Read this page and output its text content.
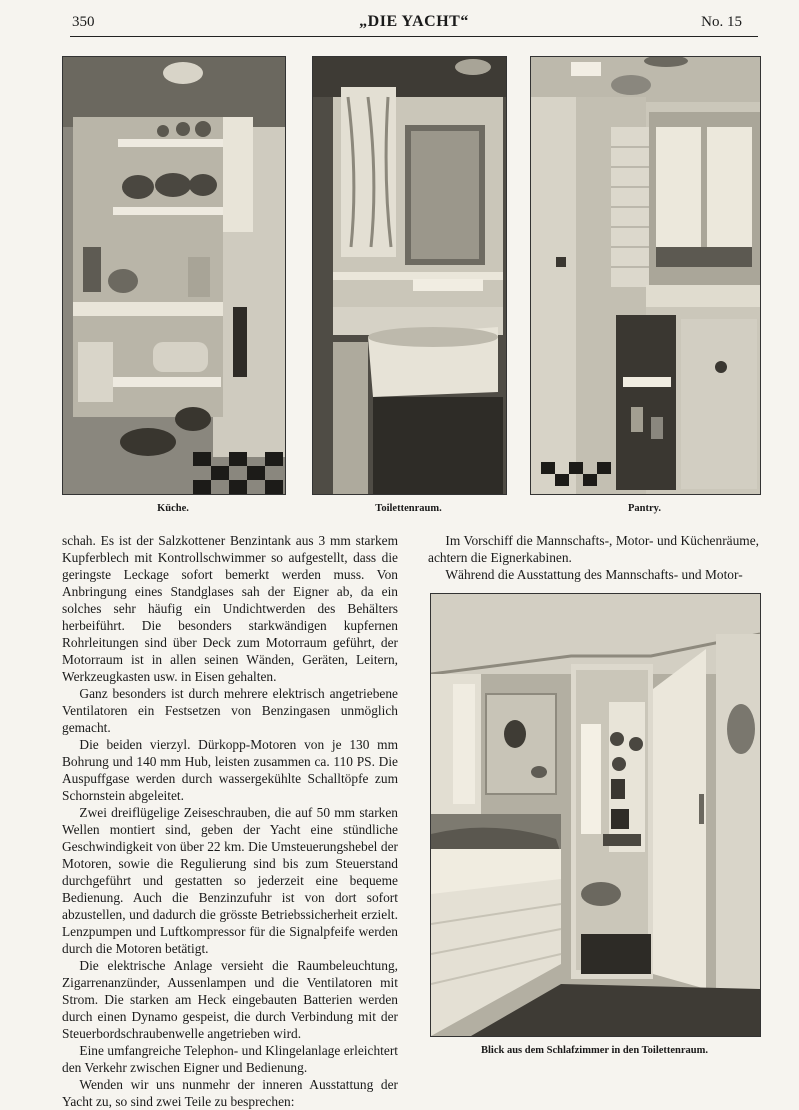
350	„DIE YACHT“	No. 15
Küche.	Toilettenraum.	Pantry.

schah. Es ist der Salzkottener Benzintank aus 3 mm starkem Kupferblech mit Kontrollschwimmer so aufgestellt, dass die geringste Leckage sofort bemerkt werden muss. Von Anbringung eines Standglases sah der Eigner ab, da ein solches sehr häufig ein Undichtwerden des Behälters herbeiführt. Die besonders starkwändigen kupfernen Rohrleitungen sind über Deck zum Motorraum geführt, der Motorraum ist in allen seinen Wänden, Geräten, Leitern, Werkzeugkasten usw. in Eisen gehalten.

Ganz besonders ist durch mehrere elektrisch angetriebene Ventilatoren ein Festsetzen von Benzingasen unmöglich gemacht.

Die beiden vierzyl. Dürkopp-Motoren von je 130 mm Bohrung und 140 mm Hub, leisten zusammen ca. 110 PS. Die Auspuffgase werden durch wassergekühlte Schalltöpfe zum Schornstein abgeleitet.

Zwei dreiflügelige Zeiseschrauben, die auf 50 mm starken Wellen montiert sind, geben der Yacht eine stündliche Geschwindigkeit von über 22 km. Die Umsteuerungshebel der Motoren, sowie die Regulierung sind bis zum Steuerstand durchgeführt und gestatten so jederzeit eine bequeme Bedienung. Auch die Benzinzufuhr ist von dort sofort abzustellen, und dadurch die grösste Betriebssicherheit erzielt. Lenzpumpen und Luftkompressor für die Signalpfeife werden durch die Motoren betätigt.

Die elektrische Anlage versieht die Raumbeleuchtung, Zigarrenanzünder, Aussenlampen und die Ventilatoren mit Strom. Die starken am Heck eingebauten Batterien werden durch einen Dynamo gespeist, die durch Verbindung mit der Steuerbordschraubenwelle angetrieben wird.

Eine umfangreiche Telephon- und Klingelanlage erleichtert den Verkehr zwischen Eigner und Bedienung.

Wenden wir uns nunmehr der inneren Ausstattung der Yacht zu, so sind zwei Teile zu besprechen:

Im Vorschiff die Mannschafts-, Motor- und Küchenräume, achtern die Eignerkabinen.

Während die Ausstattung des Mannschafts- und Motor-

Blick aus dem Schlafzimmer in den Toilettenraum.
